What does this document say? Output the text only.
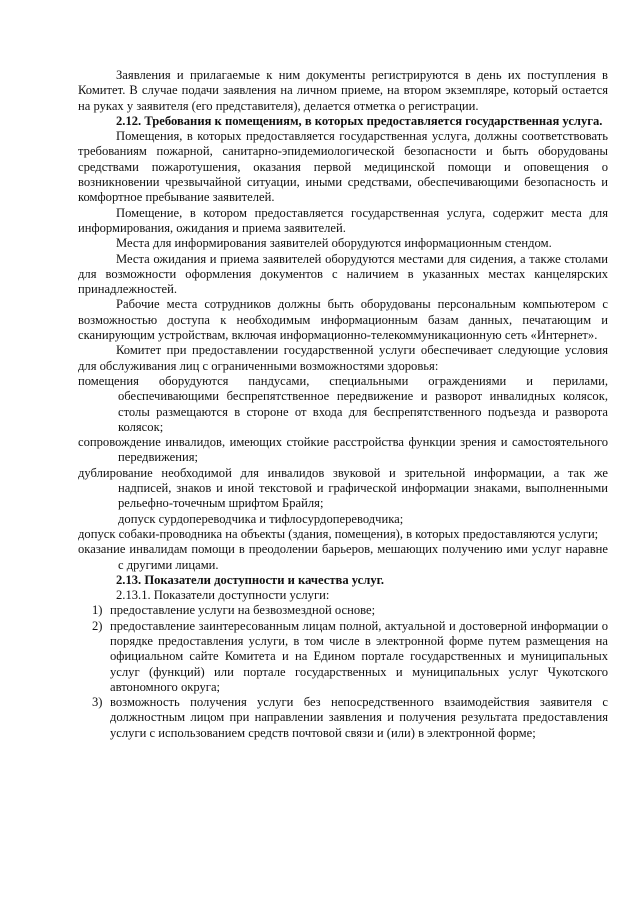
Заявления и прилагаемые к ним документы регистрируются в день их поступления в Комитет. В случае подачи заявления на личном приеме, на втором экземпляре, который остается на руках у заявителя (его представителя), делается отметка о регистрации.

2.12. Требования к помещениям, в которых предоставляется государственная услуга.

Помещения, в которых предоставляется государственная услуга, должны соответствовать требованиям пожарной, санитарно-эпидемиологической безопасности и быть оборудованы средствами пожаротушения, оказания первой медицинской помощи и оповещения о возникновении чрезвычайной ситуации, иными средствами, обеспечивающими безопасность и комфортное пребывание заявителей.

Помещение, в котором предоставляется государственная услуга, содержит места для информирования, ожидания и приема заявителей.

Места для информирования заявителей оборудуются информационным стендом.

Места ожидания и приема заявителей оборудуются местами для сидения, а также столами для возможности оформления документов с наличием в указанных местах канцелярских принадлежностей.

Рабочие места сотрудников должны быть оборудованы персональным компьютером с возможностью доступа к необходимым информационным базам данных, печатающим и сканирующим устройствам, включая информационно-телекоммуникационную сеть «Интернет».

Комитет при предоставлении государственной услуги обеспечивает следующие условия для обслуживания лиц с ограниченными возможностями здоровья:

помещения оборудуются пандусами, специальными ограждениями и перилами, обеспечивающими беспрепятственное передвижение и разворот инвалидных колясок, столы размещаются в стороне от входа для беспрепятственного подъезда и разворота колясок;

сопровождение инвалидов, имеющих стойкие расстройства функции зрения и самостоятельного передвижения;

дублирование необходимой для инвалидов звуковой и зрительной информации, а так же надписей, знаков и иной текстовой и графической информации знаками, выполненными рельефно-точечным шрифтом Брайля;

допуск сурдопереводчика и тифлосурдопереводчика;

допуск собаки-проводника на объекты (здания, помещения), в которых предоставляются услуги;

оказание инвалидам помощи в преодолении барьеров, мешающих получению ими услуг наравне с другими лицами.

2.13. Показатели доступности и качества услуг.

2.13.1. Показатели доступности услуги:

1) предоставление услуги на безвозмездной основе;
2) предоставление заинтересованным лицам полной, актуальной и достоверной информации о порядке предоставления услуги, в том числе в электронной форме путем размещения на официальном сайте Комитета и на Едином портале государственных и муниципальных услуг (функций) или портале государственных и муниципальных услуг Чукотского автономного округа;
3) возможность получения услуги без непосредственного взаимодействия заявителя с должностным лицом при направлении заявления и получения результата предоставления услуги с использованием средств почтовой связи и (или) в электронной форме;
